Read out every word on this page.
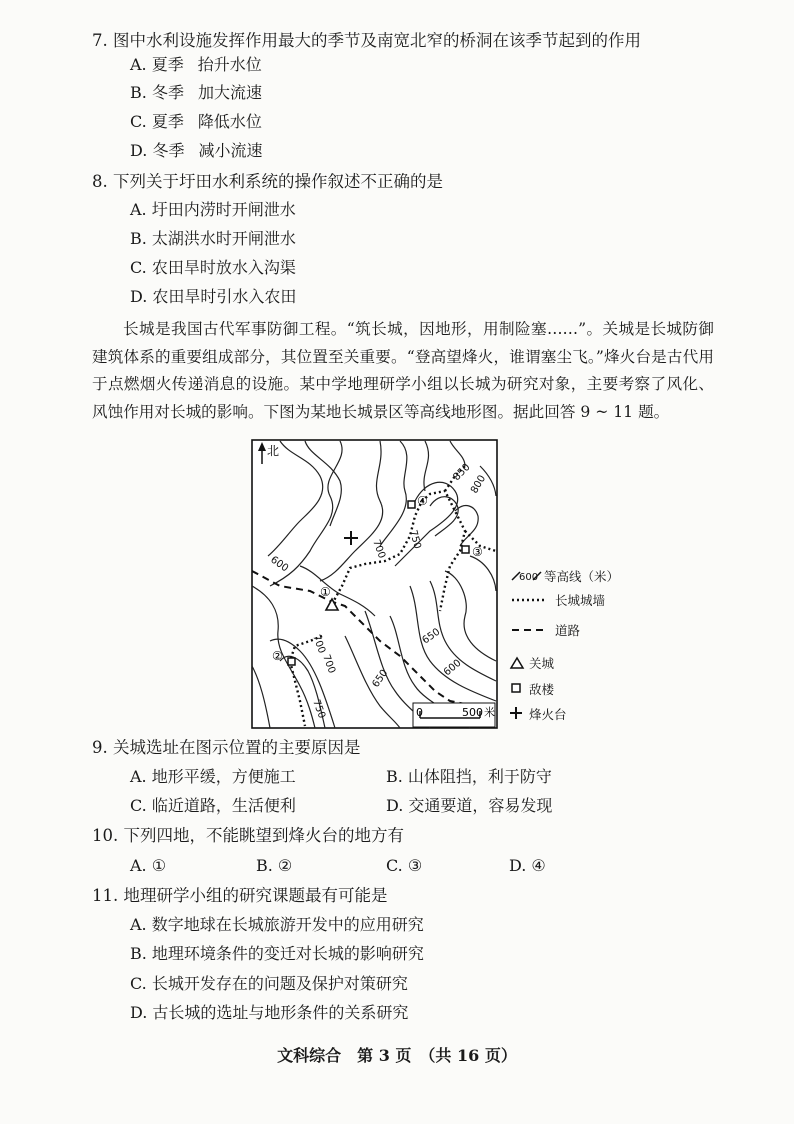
7. 图中水利设施发挥作用最大的季节及南宽北窄的桥洞在该季节起到的作用
A. 夏季 抬升水位
B. 冬季 加大流速
C. 夏季 降低水位
D. 冬季 减小流速
8. 下列关于圩田水利系统的操作叙述不正确的是
A. 圩田内涝时开闸泄水
B. 太湖洪水时开闸泄水
C. 农田旱时放水入沟渠
D. 农田旱时引水入农田

长城是我国古代军事防御工程。“筑长城，因地形，用制险塞……”。关城是长城防御建筑体系的重要组成部分，其位置至关重要。“登高望烽火，谁谓塞尘飞。”烽火台是古代用于点燃烟火传递消息的设施。某中学地理研学小组以长城为研究对象，主要考察了风化、风蚀作用对长城的影响。下图为某地长城景区等高线地形图。据此回答 9 ~ 11 题。

北
850
800
750
700
600
700	650
600
700
750
650
①
②
③
④
0	500 米
600 等高线（米）
长城城墙
道路
关城
敌楼
烽火台
9. 关城选址在图示位置的主要原因是
A. 地形平缓，方便施工	B. 山体阻挡，利于防守
C. 临近道路，生活便利	D. 交通要道，容易发现
10. 下列四地，不能眺望到烽火台的地方有
A. ①	B. ②	C. ③	D. ④
11. 地理研学小组的研究课题最有可能是
A. 数字地球在长城旅游开发中的应用研究
B. 地理环境条件的变迁对长城的影响研究
C. 长城开发存在的问题及保护对策研究
D. 古长城的选址与地形条件的关系研究
文科综合　第 3 页　（共 16 页）
